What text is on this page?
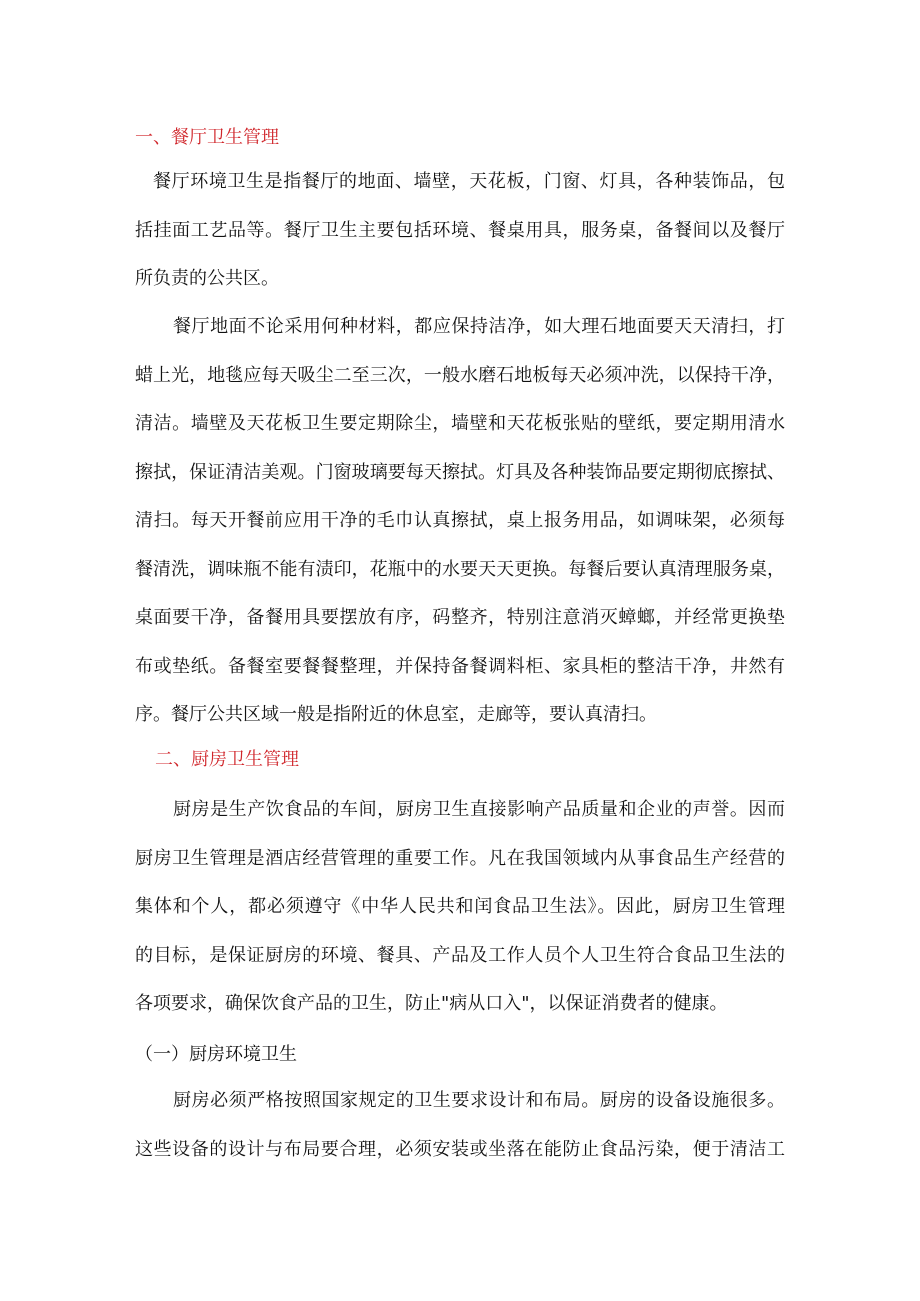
一、餐厅卫生管理
餐厅环境卫生是指餐厅的地面、墙壁，天花板，门窗、灯具，各种装饰品，包
括挂面工艺品等。餐厅卫生主要包括环境、餐桌用具，服务桌，备餐间以及餐厅
所负责的公共区。
餐厅地面不论采用何种材料，都应保持洁净，如大理石地面要天天清扫，打
蜡上光，地毯应每天吸尘二至三次，一般水磨石地板每天必须冲洗，以保持干净，
清洁。墙壁及天花板卫生要定期除尘，墙壁和天花板张贴的壁纸，要定期用清水
擦拭，保证清洁美观。门窗玻璃要每天擦拭。灯具及各种装饰品要定期彻底擦拭、
清扫。每天开餐前应用干净的毛巾认真擦拭，桌上报务用品，如调味架，必须每
餐清洗，调味瓶不能有渍印，花瓶中的水要天天更换。每餐后要认真清理服务桌，
桌面要干净，备餐用具要摆放有序，码整齐，特别注意消灭蟑螂，并经常更换垫
布或垫纸。备餐室要餐餐整理，并保持备餐调料柜、家具柜的整洁干净，井然有
序。餐厅公共区域一般是指附近的休息室，走廊等，要认真清扫。
二、厨房卫生管理
厨房是生产饮食品的车间，厨房卫生直接影响产品质量和企业的声誉。因而
厨房卫生管理是酒店经营管理的重要工作。凡在我国领域内从事食品生产经营的
集体和个人，都必须遵守《中华人民共和闰食品卫生法》。因此，厨房卫生管理
的目标，是保证厨房的环境、餐具、产品及工作人员个人卫生符合食品卫生法的
各项要求，确保饮食产品的卫生，防止"病从口入"，以保证消费者的健康。
（一）厨房环境卫生
厨房必须严格按照国家规定的卫生要求设计和布局。厨房的设备设施很多。
这些设备的设计与布局要合理，必须安装或坐落在能防止食品污染，便于清洁工
